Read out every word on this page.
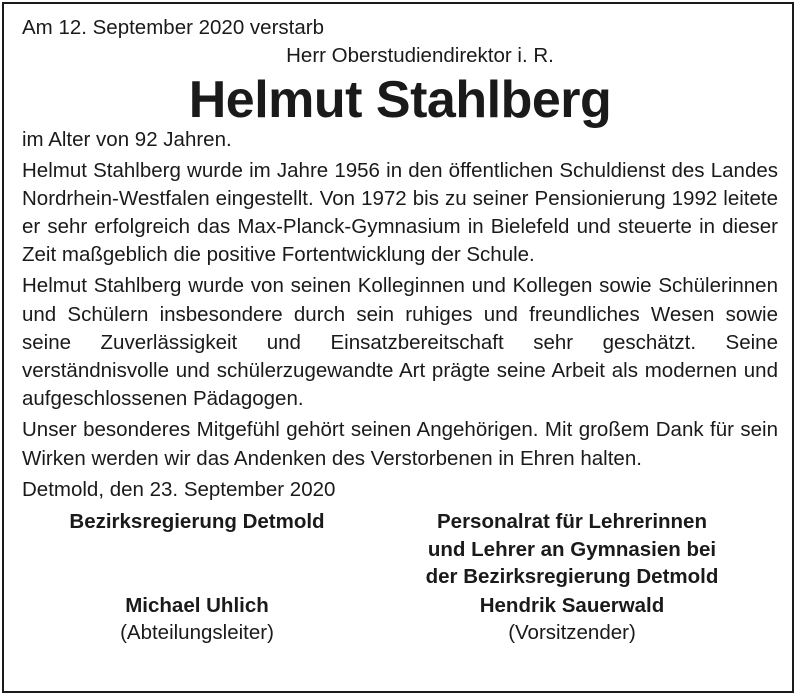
Am 12. September 2020 verstarb

Herr Oberstudiendirektor i. R.

Helmut Stahlberg

im Alter von 92 Jahren.

Helmut Stahlberg wurde im Jahre 1956 in den öffentlichen Schuldienst des Landes Nordrhein-Westfalen eingestellt. Von 1972 bis zu seiner Pensionierung 1992 leitete er sehr erfolgreich das Max-Planck-Gymnasium in Bielefeld und steuerte in dieser Zeit maßgeblich die positive Fortentwicklung der Schule.

Helmut Stahlberg wurde von seinen Kolleginnen und Kollegen sowie Schülerinnen und Schülern insbesondere durch sein ruhiges und freundliches Wesen sowie seine Zuverlässigkeit und Einsatzbereitschaft sehr geschätzt. Seine verständnisvolle und schülerzugewandte Art prägte seine Arbeit als modernen und aufgeschlossenen Pädagogen.

Unser besonderes Mitgefühl gehört seinen Angehörigen. Mit großem Dank für sein Wirken werden wir das Andenken des Verstorbenen in Ehren halten.

Detmold, den 23. September 2020

Bezirksregierung Detmold
Michael Uhlich
(Abteilungsleiter)
Personalrat für Lehrerinnen
und Lehrer an Gymnasien bei
der Bezirksregierung Detmold
Hendrik Sauerwald
(Vorsitzender)
